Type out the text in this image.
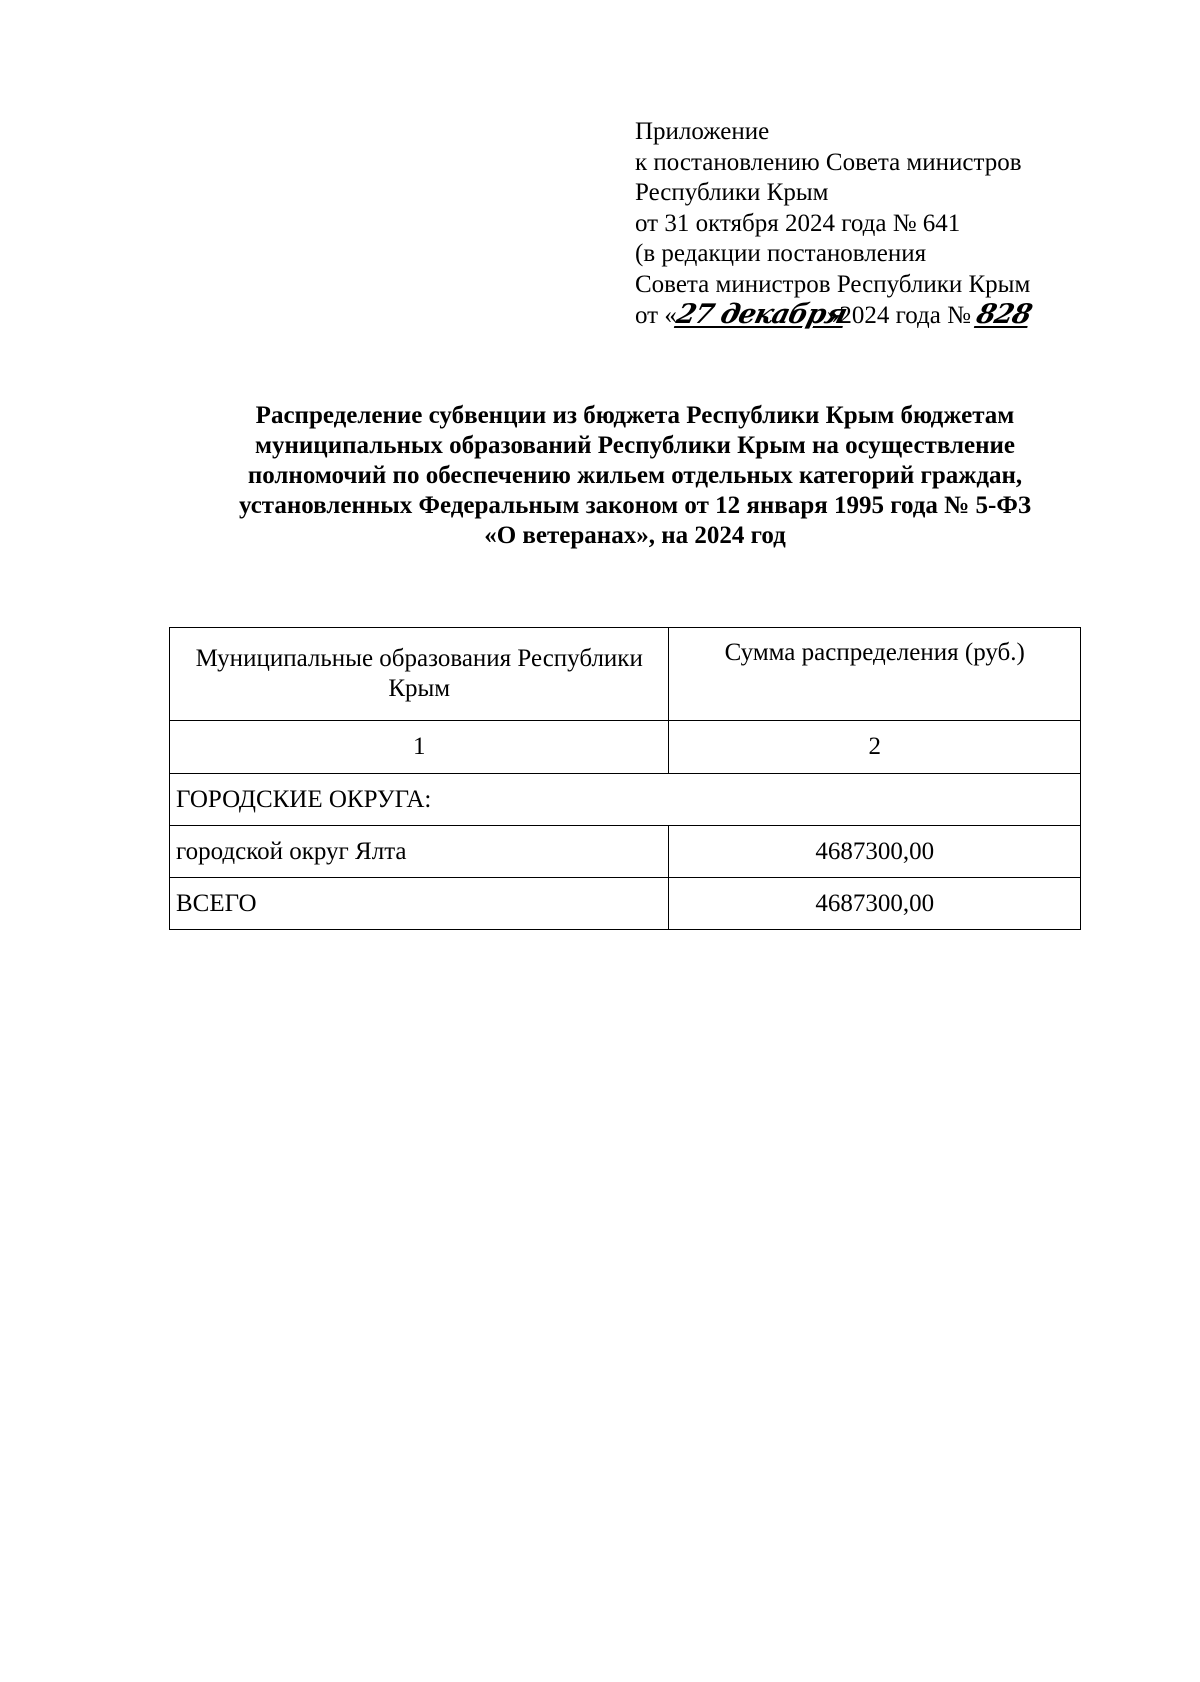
Приложение
к постановлению Совета министров
Республики Крым
от 31 октября 2024 года № 641
(в редакции постановления
Совета министров Республики Крым
от «27 декабря»2024 года № 828
Распределение субвенции из бюджета Республики Крым бюджетам
муниципальных образований Республики Крым на осуществление
полномочий по обеспечению жильем отдельных категорий граждан,
установленных Федеральным законом от 12 января 1995 года № 5-ФЗ
«О ветеранах», на 2024 год
Муниципальные образования Республики Крым	Сумма распределения (руб.)
1	2
ГОРОДСКИЕ ОКРУГА:	
городской округ Ялта	4687300,00
ВСЕГО	4687300,00
